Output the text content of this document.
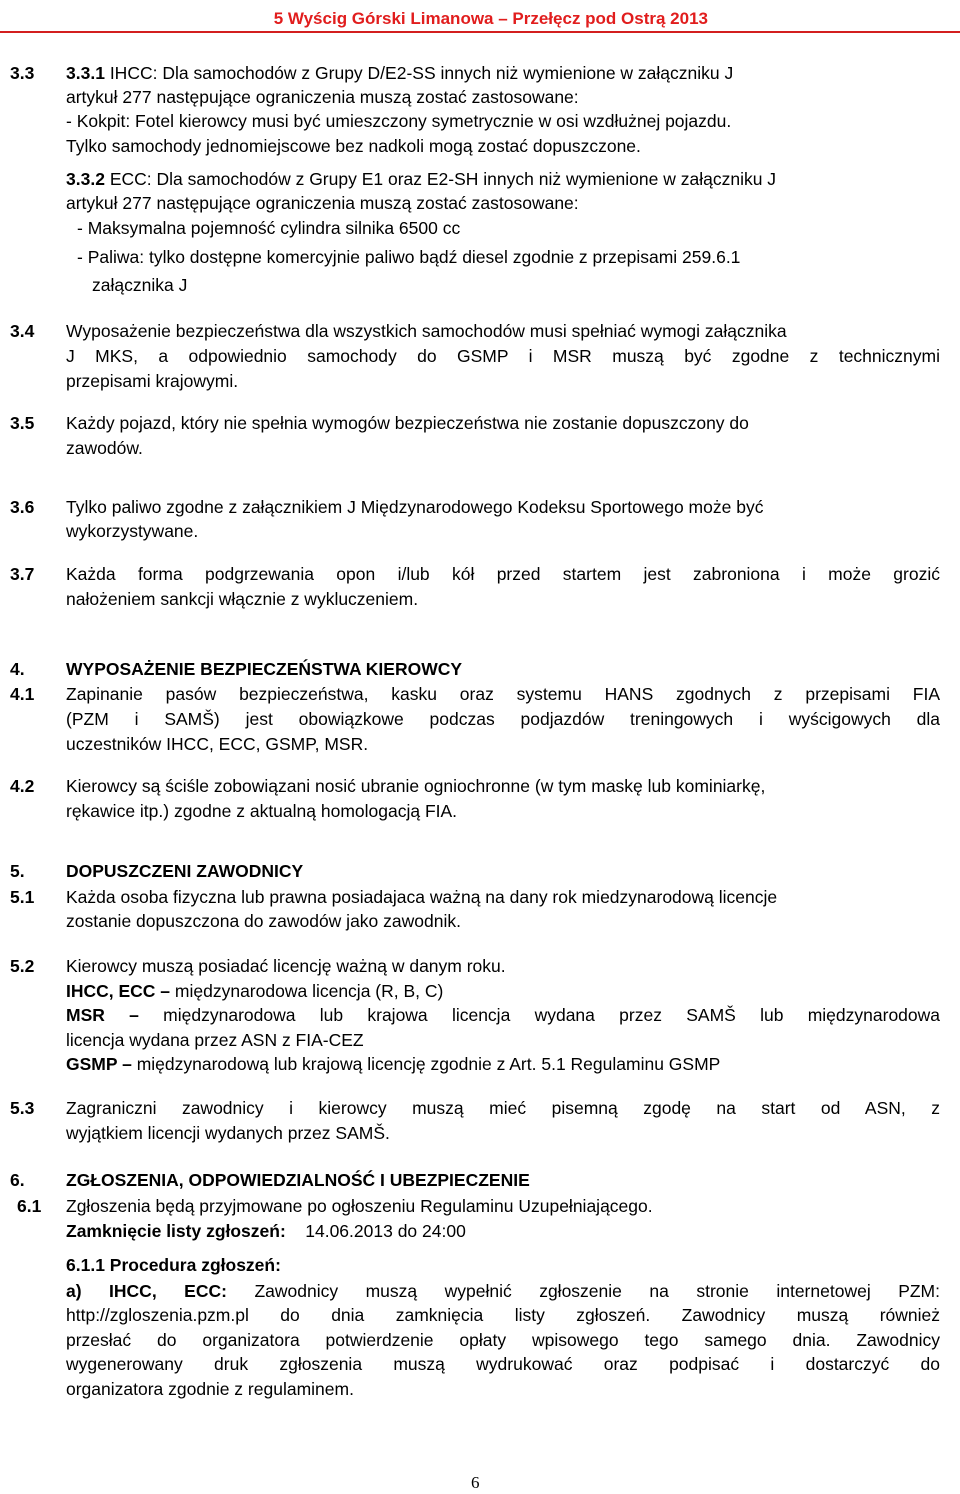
5 Wyścig Górski Limanowa – Przełęcz pod Ostrą 2013
3.3 3.3.1 IHCC: Dla samochodów z Grupy D/E2-SS innych niż wymienione w załączniku J
artykuł 277 następujące ograniczenia muszą zostać zastosowane:
- Kokpit: Fotel kierowcy musi być umieszczony symetrycznie w osi wzdłużnej pojazdu.
Tylko samochody jednomiejscowe bez nadkoli mogą zostać dopuszczone.
3.3.2 ECC: Dla samochodów z Grupy E1 oraz E2-SH innych niż wymienione w załączniku J
artykuł 277 następujące ograniczenia muszą zostać zastosowane:
- Maksymalna pojemność cylindra silnika 6500 cc
- Paliwa: tylko dostępne komercyjnie paliwo bądź diesel zgodnie z przepisami 259.6.1
załącznika J
3.4 Wyposażenie bezpieczeństwa dla wszystkich samochodów musi spełniać wymogi załącznika
J MKS, a odpowiednio samochody do GSMP i MSR muszą być zgodne z technicznymi
przepisami krajowymi.
3.5 Każdy pojazd, który nie spełnia wymogów bezpieczeństwa nie zostanie dopuszczony do
zawodów.
3.6 Tylko paliwo zgodne z załącznikiem J Międzynarodowego Kodeksu Sportowego może być
wykorzystywane.
3.7 Każda forma podgrzewania opon i/lub kół przed startem jest zabroniona i może grozić
nałożeniem sankcji włącznie z wykluczeniem.
4. WYPOSAŻENIE BEZPIECZEŃSTWA KIEROWCY
4.1 Zapinanie pasów bezpieczeństwa, kasku oraz systemu HANS zgodnych z przepisami FIA
(PZM i SAMŠ) jest obowiązkowe podczas podjazdów treningowych i wyścigowych dla
uczestników IHCC, ECC, GSMP, MSR.
4.2 Kierowcy są ściśle zobowiązani nosić ubranie ogniochronne (w tym maskę lub kominiarkę,
rękawice itp.) zgodne z aktualną homologacją FIA.
5. DOPUSZCZENI ZAWODNICY
5.1 Każda osoba fizyczna lub prawna posiadajaca ważną na dany rok miedzynarodową licencje
zostanie dopuszczona do zawodów jako zawodnik.
5.2 Kierowcy muszą posiadać licencję ważną w danym roku.
IHCC, ECC – międzynarodowa licencja (R, B, C)
MSR – międzynarodowa lub krajowa licencja wydana przez SAMŠ lub międzynarodowa
licencja wydana przez ASN z FIA-CEZ
GSMP – międzynarodową lub krajową licencję zgodnie z Art. 5.1 Regulaminu GSMP
5.3 Zagraniczni zawodnicy i kierowcy muszą mieć pisemną zgodę na start od ASN, z
wyjątkiem licencji wydanych przez SAMŠ.
6. ZGŁOSZENIA, ODPOWIEDZIALNOŚĆ I UBEZPIECZENIE
6.1 Zgłoszenia będą przyjmowane po ogłoszeniu Regulaminu Uzupełniającego.
Zamknięcie listy zgłoszeń: 14.06.2013 do 24:00
6.1.1 Procedura zgłoszeń:
a) IHCC, ECC: Zawodnicy muszą wypełnić zgłoszenie na stronie internetowej PZM:
http://zgloszenia.pzm.pl do dnia zamknięcia listy zgłoszeń. Zawodnicy muszą również
przesłać do organizatora potwierdzenie opłaty wpisowego tego samego dnia. Zawodnicy
wygenerowany druk zgłoszenia muszą wydrukować oraz podpisać i dostarczyć do
organizatora zgodnie z regulaminem.
6
